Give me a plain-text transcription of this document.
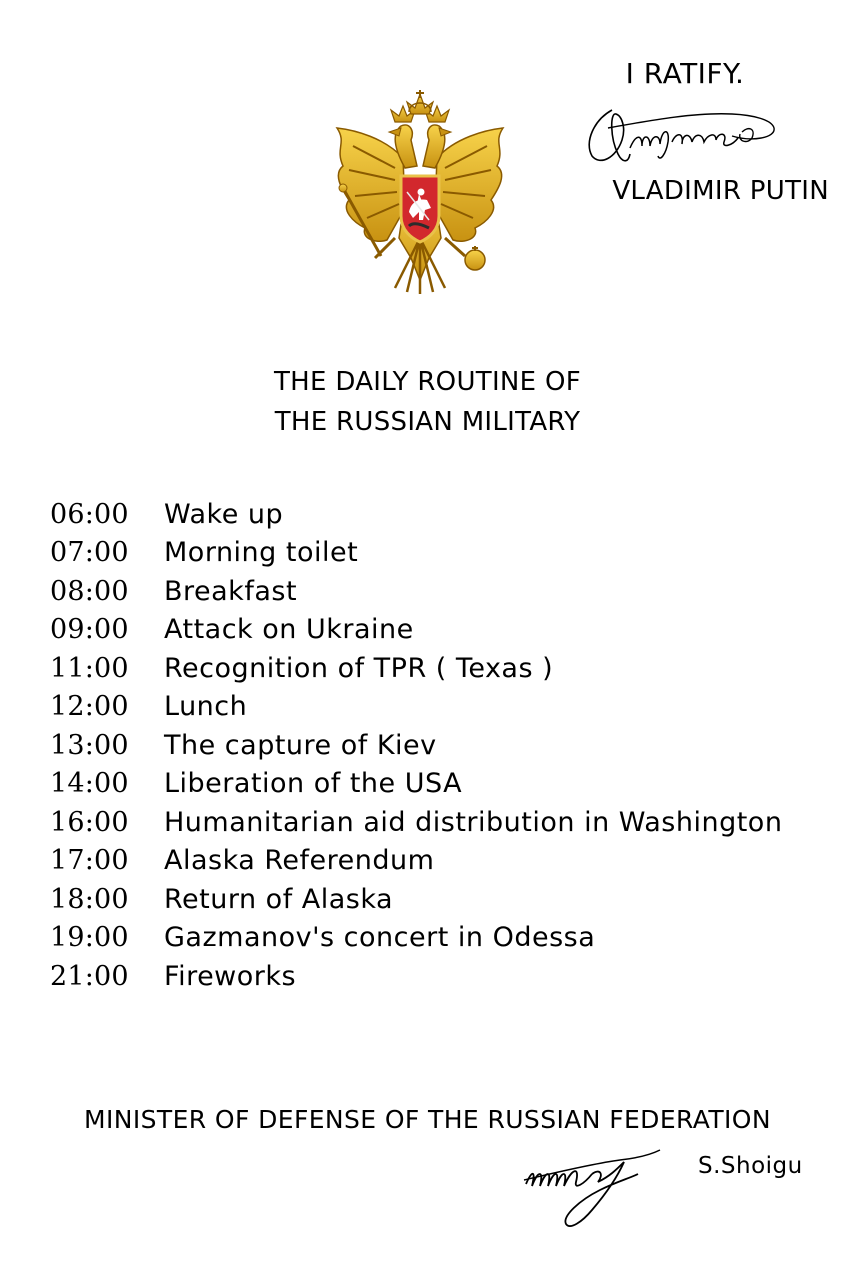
I RATIFY.
VLADIMIR PUTIN
THE DAILY ROUTINE OF
THE RUSSIAN MILITARY
06:00	Wake up
07:00	Morning toilet
08:00	Breakfast
09:00	Attack on Ukraine
11:00	Recognition of TPR ( Texas )
12:00	Lunch
13:00	The capture of Kiev
14:00	Liberation of the USA
16:00	Humanitarian aid distribution in Washington
17:00	Alaska Referendum
18:00	Return of Alaska
19:00	Gazmanov's concert in Odessa
21:00	Fireworks
MINISTER OF DEFENSE OF THE RUSSIAN FEDERATION
S.Shoigu
